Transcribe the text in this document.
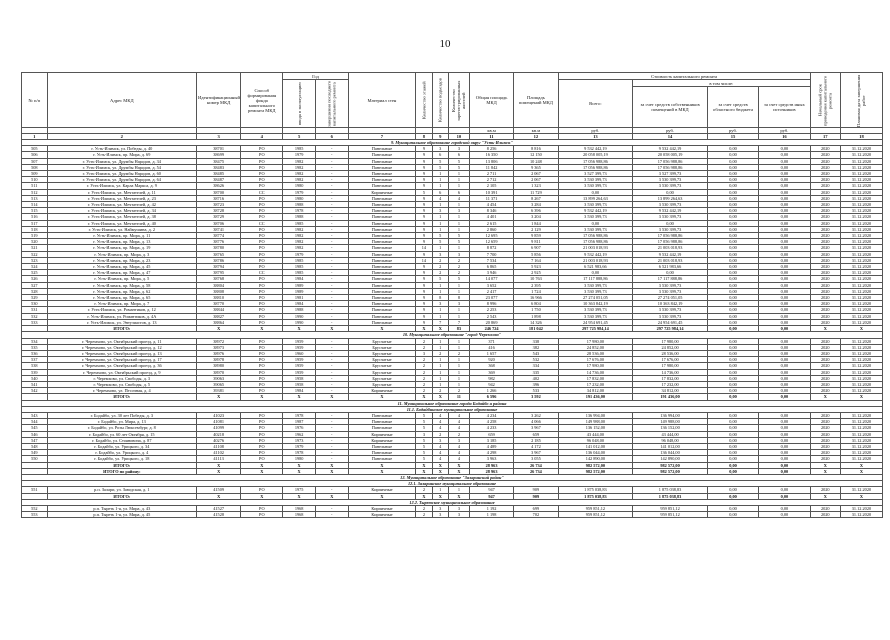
10
№ п/п	Адрес МКД	Идентификационный номер МКД	Способ формирования фонда капитального ремонта МКД	Год		Материал стен	Количество этажей	Количество подъездов	Количество зарегистрированных жителей	Общая площадь МКД	Площадь помещений МКД	Стоимость капитального ремонта				Начальный срок проведения капитального ремонта	Плановая дата завершения работ
				ввода в эксплуатацию	завершения последнего капитального ремонта							Всего:	в том числе:				
													за счет средств собственников помещений в МКД	за счет средств областного бюджета	за счет средств иных источников		
										кв.м	кв.м	руб.	руб.	руб.	руб.		
1	2	3	4	5	6	7	8	9	10	11	12	13	14	15	16	17	18
9. Муниципальное образование городской округ "Усть-Илимск"																	
505	г. Усть-Илимск, ул. Победы, д. 40	38701	РО	1985	-	Панельные	9	3	3	8 256	8 816	9 532 442,19	9 532 442,19	0,00	0,00	2020	31.12.2020
506	г. Усть-Илимск, пр. Мира, д. 69	38699	РО	1979	-	Панельные	9	6	6	16 350	12 150	20 058 005,19	20 058 005,19	0,00	0,00	2020	31.12.2020
507	г. Усть-Илимск, ул. Дружбы Народов, д. 34	38475	РО	1982	-	Панельные	9	5	5	13 806	10 248	17 056 988,86	17 056 988,86	0,00	0,00	2020	31.12.2020
508	г. Усть-Илимск, ул. Дружбы Народов, д. 54	38483	РО	1982	-	Панельные	9	5	5	11 842	9 365	17 056 988,86	17 056 988,86	0,00	0,00	2020	31.12.2020
509	г. Усть-Илимск, ул. Дружбы Народов, д. 60	38485	РО	1982	-	Панельные	9	1	1	2 711	2 067	3 527 399,73	3 527 399,73	0,00	0,00	2020	31.12.2020
510	г. Усть-Илимск, ул. Дружбы Народов, д. 64	38487	РО	1982	-	Панельные	9	1	1	2 712	2 067	3 530 399,73	3 530 399,73	0,00	0,00	2020	31.12.2020
511	г. Усть-Илимск, ул. Карла Маркса, д. 9	38626	РО	1980	-	Панельные	9	1	1	2 105	1 323	3 530 399,73	3 530 399,73	0,00	0,00	2020	31.12.2020
512	г. Усть-Илимск, ул. Мечтателей, д. 11	38700	СС	1979	-	Кирпичные	5	6	6	10 391	11 729	0,00	0,00	0,00	0,00	2020	31.12.2020
513	г. Усть-Илимск, ул. Мечтателей, д. 23	38716	РО	1980	-	Панельные	9	4	4	11 371	8 267	13 899 264,63	13 899 264,63	0,00	0,00	2020	31.12.2020
514	г. Усть-Илимск, ул. Мечтателей, д. 42	38723	РО	1988	-	Панельные	9	1	1	4 454	3 284	3 530 399,73	3 530 399,73	0,00	0,00	2020	31.12.2020
515	г. Усть-Илимск, ул. Мечтателей, д. 34	38728	РО	1978	-	Панельные	9	3	3	8 346	6 396	9 532 442,19	9 532 442,19	0,00	0,00	2020	31.12.2020
516	г. Усть-Илимск, ул. Мечтателей, д. 38	38729	РО	1988	-	Панельные	9	1	1	4 401	3 204	3 530 399,73	3 530 399,73	0,00	0,00	2020	31.12.2020
517	г. Усть-Илимск, ул. Мечтателей, д. 40	38706	СС	1985	-	Панельные	9	1	1	2 615	1 844	0,00	0,00	0,00	0,00	2020	31.12.2020
518	г. Усть-Илимск, ул. Наймушина, д. 2	38741	РО	1982	-	Панельные	9	1	1	2 860	2 129	3 530 399,73	3 530 399,73	0,00	0,00	2020	31.12.2020
519	г. Усть-Илимск, пр. Мира, д. 11	38774	РО	1982	-	Панельные	9	5	5	12 695	9 859	17 056 988,86	17 056 988,86	0,00	0,00	2020	31.12.2020
520	г. Усть-Илимск, пр. Мира, д. 13	38776	РО	1982	-	Панельные	9	5	5	12 659	9 811	17 056 988,86	17 056 988,86	0,00	0,00	2020	31.12.2020
521	г. Усть-Илимск, пр. Мира, д. 19	38780	РО	1982	-	Панельные	14	1	1	8 872	6 907	21 003 018,93	21 003 018,93	0,00	0,00	2020	31.12.2020
522	г. Усть-Илимск, пр. Мира, д. 3	38765	РО	1979	-	Панельные	9	3	3	7 700	5 856	9 532 442,19	9 532 442,19	0,00	0,00	2020	31.12.2020
523	г. Усть-Илимск, пр. Мира, д. 23	38786	РО	1985	-	Панельные	14	2	2	7 534	7 164	21 003 018,93	21 003 018,93	0,00	0,00	2020	31.12.2020
524	г. Усть-Илимск, пр. Мира, д. 45	38794	РО	1985	-	Панельные	9	2	2	6 865	5 923	6 521 983,66	6 521 983,66	0,00	0,00	2020	31.12.2020
525	г. Усть-Илимск, пр. Мира, д. 47	38795	СС	1985	-	Панельные	9	2	2	3 946	2 925	0,00	0,00	0,00	0,00	2020	31.12.2020
526	г. Усть-Илимск, пр. Мира, д. 5	38768	РО	1984	-	Панельные	9	5	5	14 077	10 763	17 117 888,86	17 117 888,86	0,00	0,00	2020	31.12.2020
527	г. Усть-Илимск, пр. Мира, д. 58	38804	РО	1989	-	Панельные	9	1	1	3 652	2 395	3 530 399,73	3 530 399,73	0,00	0,00	2020	31.12.2020
528	г. Усть-Илимск, пр. Мира, д. 62	38808	РО	1989	-	Панельные	9	1	1	2 417	1 724	3 530 399,73	3 530 399,73	0,00	0,00	2020	31.12.2020
529	г. Усть-Илимск, пр. Мира, д. 65	38810	РО	1981	-	Панельные	9	8	8	23 077	16 966	27 274 051,05	27 274 051,05	0,00	0,00	2020	31.12.2020
530	г. Усть-Илимск, пр. Мира, д. 7	38770	РО	1984	-	Панельные	9	3	3	8 996	6 804	10 363 842,19	10 363 842,19	0,00	0,00	2020	31.12.2020
531	г. Усть-Илимск, ул. Романтиков, д. 12	38844	РО	1988	-	Панельные	9	1	1	2 253	1 750	3 530 399,73	3 530 399,73	0,00	0,00	2020	31.12.2020
532	г. Усть-Илимск, ул. Романтиков, д. 4А	38827	РО	1990	-	Панельные	9	1	1	2 543	1 898	3 530 399,73	3 530 399,73	0,00	0,00	2020	31.12.2020
533	г. Усть-Илимск, ул. Энтузиастов, д. 13	38864	РО	1990	-	Панельные	9	7	7	20 869	14 326	24 954 691,45	24 954 691,45	0,00	0,00	2020	31.12.2020
	ИТОГО:	X	X	X	X	X	X	X	83	246 724	181 042	297 725 984,14	297 725 984,14	0,00	0,00	X	X
10. Муниципальное образование "город Черемхово"																	
534	г. Черемхово, ул. Октябрьский проезд, д. 11	38972	РО	1959	-	Брусчатые	2	1	1	371	338	17 980,00	17 980,00	0,00	0,00	2020	31.12.2020
535	г. Черемхово, ул. Октябрьский проезд, д. 12	38973	РО	1959	-	Брусчатые	2	1	1	416	382	24 852,00	24 852,00	0,00	0,00	2020	31.12.2020
536	г. Черемхово, ул. Октябрьский проезд, д. 13	38976	РО	1960	-	Брусчатые	3	2	2	1 657	543	28 536,00	28 536,00	0,00	0,00	2020	31.12.2020
537	г. Черемхово, ул. Октябрьский проезд, д. 17	38978	РО	1959	-	Брусчатые	2	1	1	920	532	17 676,00	17 676,00	0,00	0,00	2020	31.12.2020
538	г. Черемхово, ул. Октябрьский проезд, д. 36	38980	РО	1959	-	Брусчатые	2	1	1	368	334	17 980,00	17 980,00	0,00	0,00	2020	31.12.2020
539	г. Черемхово, ул. Октябрьский проезд, д. 9	38970	РО	1959	-	Брусчатые	2	1	1	369	335	14 736,00	14 736,00	0,00	0,00	2020	31.12.2020
540	г. Черемхово, ул. Свободы, д. 3	39063	РО	1958	-	Брусчатые	2	1	1	982	402	17 832,00	17 832,00	0,00	0,00	2020	31.12.2020
541	г. Черемхово, ул. Свободы, д. 5	39065	РО	1958	-	Брусчатые	2	1	1	942	396	17 232,00	17 232,00	0,00	0,00	2020	31.12.2020
542	г. Черемхово, ул. Песочная, д. 4	39381	РО	1984	-	Кирпичные	2	2	2	1 266	533	34 812,00	34 812,00	0,00	0,00	2020	31.12.2020
	ИТОГО:	X	X	X	X	X	X	X	11	6 596	3 592	191 436,00	191 436,00	0,00	0,00	X	X
11. Муниципальное образование города Бодайбо и района																	
11.1. Бодайбинское муниципальное образование																	
543	г. Бодайбо, ул. 30 лет Победы, д. 3	41023	РО	1978	-	Панельные	5	4	4	4 234	3 262	136 994,00	136 994,00	0,00	0,00	2020	31.12.2020
544	г. Бодайбо, ул. Мира, д. 13	41081	РО	1987	-	Панельные	5	4	4	4 258	4 066	149 988,00	149 988,00	0,00	0,00	2020	31.12.2020
545	г. Бодайбо, ул. Розы Люксембург, д. 8	41099	РО	1976	-	Панельные	5	4	4	4 233	3 967	136 152,00	136 152,00	0,00	0,00	2020	31.12.2020
546	г. Бодайбо, ул. 60 лет Октября, д. 15	40218	РО	1962	-	Кирпичные	3	2	2	659	659	43 444,00	43 444,00	0,00	0,00	2020	31.12.2020
547	г. Бодайбо, ул. Стояновича, д. 87	40276	РО	1973	-	Кирпичные	5	3	3	3 185	2 185	96 048,00	96 048,00	0,00	0,00	2020	31.12.2020
548	г. Бодайбо, ул. Урицкого, д. 34	41108	РО	1979	-	Панельные	5	4	4	4 489	4 172	141 012,00	141 012,00	0,00	0,00	2020	31.12.2020
549	г. Бодайбо, ул. Урицкого, д. 4	41102	РО	1978	-	Панельные	5	4	4	4 298	3 967	136 044,00	136 044,00	0,00	0,00	2020	31.12.2020
550	г. Бодайбо, ул. Урицкого, д. 18	41113	РО	1980	-	Панельные	5	4	4	3 963	3 055	142 890,00	142 890,00	0,00	0,00	2020	31.12.2020
	ИТОГО:	X	X	X	X	X	X	X	X	28 963	26 734	982 572,00	982 572,00	0,00	0,00	X	X
	ИТОГО по району:	X	X	X	X	X	X	X	X	28 963	26 734	982 572,00	982 572,00	0,00	0,00	X	X
12. Муниципальное образование "Заларинский район"																	
12.1. Заларинское муниципальное образование																	
551	р.п. Залари, ул. Заводская, д. 1	41509	РО	1975	-	Кирпичные	2	1	1	947	909	1 875 038,83	1 875 038,83	0,00	0,00	2020	31.12.2020
	ИТОГО:	X	X	X	X	X	X	X	X	947	909	1 875 038,83	1 875 038,83	0,00	0,00	X	X
12.2. Тыретское муниципальное образование																	
552	р.п. Тыреть 1-я, ул. Мира, д. 43	41527	РО	1968	-	Кирпичные	2	3	3	1 192	699	959 851,12	959 851,12	0,00	0,00	2020	31.12.2020
553	р.п. Тыреть 1-я, ул. Мира, д. 45	41528	РО	1968	-	Кирпичные	2	3	3	1 198	702	959 851,12	959 851,12	0,00	0,00	2020	31.12.2020
